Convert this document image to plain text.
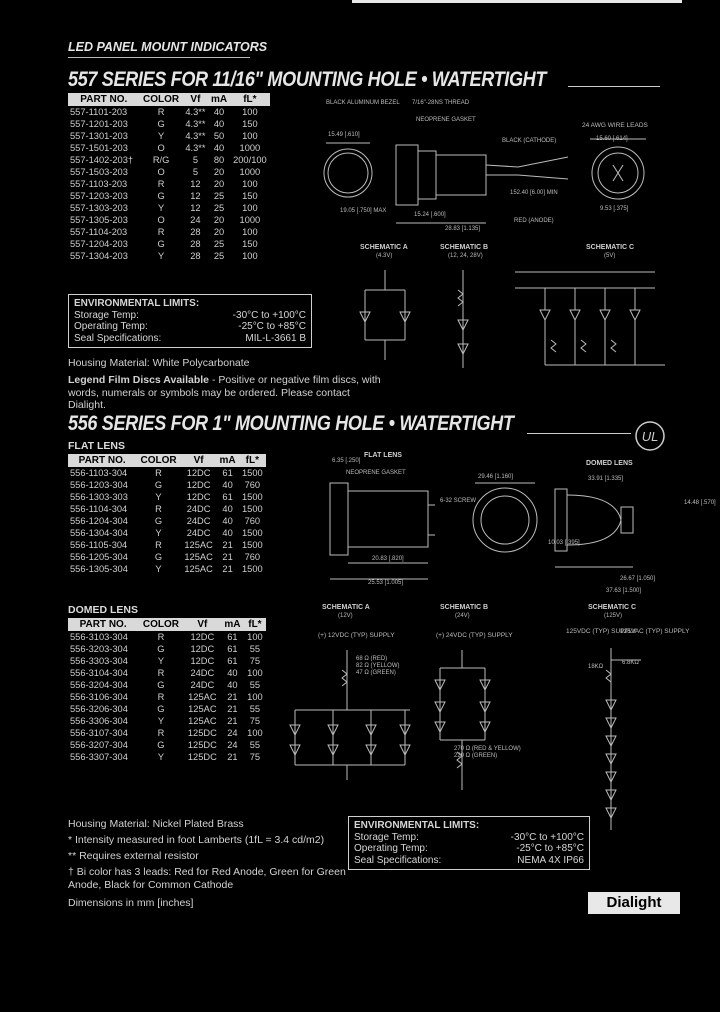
LED PANEL MOUNT INDICATORS
557 SERIES FOR 11/16" MOUNTING HOLE • WATERTIGHT
PART NO.	COLOR	Vf	mA	fL*
557-1101-203	R	4.3**	40	100
557-1201-203	G	4.3**	40	150
557-1301-203	Y	4.3**	50	100
557-1501-203	O	4.3**	40	1000
557-1402-203†	R/G	5	80	200/100
557-1503-203	O	5	20	1000
557-1103-203	R	12	20	100
557-1203-203	G	12	25	150
557-1303-203	Y	12	25	100
557-1305-203	O	24	20	1000
557-1104-203	R	28	20	100
557-1204-203	G	28	25	150
557-1304-203	Y	28	25	100
ENVIRONMENTAL LIMITS:
Storage Temp:	-30°C to +100°C
Operating Temp:	-25°C to +85°C
Seal Specifications:	MIL-L-3661 B
Housing Material: White Polycarbonate
Legend Film Discs Available - Positive or negative film discs, with words, numerals or symbols may be ordered. Please contact Dialight.
BLACK ALUMINUM BEZEL 7/16"-28NS THREAD
NEOPRENE GASKET
BLACK (CATHODE)
24 AWG WIRE LEADS
15.49 [.610]
19.05 [.750] MAX
15.24 [.600]
28.83 [1.135]
RED (ANODE)
15.60 [.614]
9.53 [.375]
152.40 [6.00] MIN
SCHEMATIC A
(4.3V)
SCHEMATIC B
(12, 24, 28V)
SCHEMATIC C
(5V)
556 SERIES FOR 1" MOUNTING HOLE • WATERTIGHT
UL
FLAT LENS
PART NO.	COLOR	Vf	mA	fL*
556-1103-304	R	12DC	61	1500
556-1203-304	G	12DC	40	760
556-1303-303	Y	12DC	61	1500
556-1104-304	R	24DC	40	1500
556-1204-304	G	24DC	40	760
556-1304-304	Y	24DC	40	1500
556-1105-304	R	125AC	21	1500
556-1205-304	G	125AC	21	760
556-1305-304	Y	125AC	21	1500
DOMED LENS
PART NO.	COLOR	Vf	mA	fL*
556-3103-304	R	12DC	61	100
556-3203-304	G	12DC	61	55
556-3303-304	Y	12DC	61	75
556-3104-304	R	24DC	40	100
556-3204-304	G	24DC	40	55
556-3106-304	R	125AC	21	100
556-3206-304	G	125AC	21	55
556-3306-304	Y	125AC	21	75
556-3107-304	R	125DC	24	100
556-3207-304	G	125DC	24	55
556-3307-304	Y	125DC	21	75
FLAT LENS
DOMED LENS
NEOPRENE GASKET
6-32 SCREW
20.83 [.820]
29.46 [1.160]
25.53 [1.005]
33.91 [1.335]
37.63 [1.500]
10.03 [.395]
26.67 [1.050]
6.35 [.250]
14.48 [.570]
SCHEMATIC A
(12V)
(+) 12VDC (TYP) SUPPLY
68 Ω (RED)
82 Ω (YELLOW)
47 Ω (GREEN)
SCHEMATIC B
(24V)
(+) 24VDC (TYP) SUPPLY
270 Ω (RED & YELLOW)
220 Ω (GREEN)
SCHEMATIC C
(125V)
125VDC (TYP) SUPPLY
125VAC (TYP) SUPPLY
18KΩ
6.8KΩ
ENVIRONMENTAL LIMITS:
Storage Temp:	-30°C to +100°C
Operating Temp:	-25°C to +85°C
Seal Specifications:	NEMA 4X IP66
Housing Material: Nickel Plated Brass
* Intensity measured in foot Lamberts (1fL = 3.4 cd/m2)
** Requires external resistor
† Bi color has 3 leads: Red for Red Anode, Green for Green Anode, Black for Common Cathode
Dimensions in mm [inches]	Dialight
